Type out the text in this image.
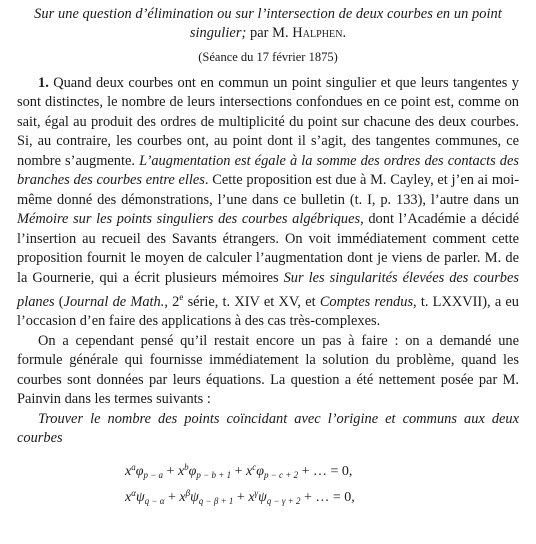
Sur une question d’élimination ou sur l’intersection de deux courbes en un point singulier; par M. Halphen.
(Séance du 17 février 1875)

1. Quand deux courbes ont en commun un point singulier et que leurs tangentes y sont distinctes, le nombre de leurs intersections confondues en ce point est, comme on sait, égal au produit des ordres de multiplicité du point sur chacune des deux courbes. Si, au contraire, les courbes ont, au point dont il s’agit, des tangentes communes, ce nombre s’augmente. L’augmentation est égale à la somme des ordres des contacts des branches des courbes entre elles. Cette proposition est due à M. Cayley, et j’en ai moi-même donné des démonstrations, l’une dans ce bulletin (t. I, p. 133), l’autre dans un Mémoire sur les points singuliers des courbes algébriques, dont l’Académie a décidé l’insertion au recueil des Savants étrangers. On voit immédiatement comment cette proposition fournit le moyen de calculer l’augmentation dont je viens de parler. M. de la Gournerie, qui a écrit plusieurs mémoires Sur les singularités élevées des courbes planes (Journal de Math., 2e série, t. XIV et XV, et Comptes rendus, t. LXXVII), a eu l’occasion d’en faire des applications à des cas très-complexes.

On a cependant pensé qu’il restait encore un pas à faire : on a demandé une formule générale qui fournisse immédiatement la solution du problème, quand les courbes sont données par leurs équations. La question a été nettement posée par M. Painvin dans les termes suivants :

Trouver le nombre des points coïncidant avec l’origine et communs aux deux courbes

$x^a\varphi_{p - a} + x^b\varphi_{p - b + 1} + x^c\varphi_{p - c + 2}$ + … = 0,
$x^\alpha\psi_{q - \alpha} + x^\beta\psi_{q - \beta + 1} + x^\gamma\psi_{q - \gamma + 2}$ + … = 0,
